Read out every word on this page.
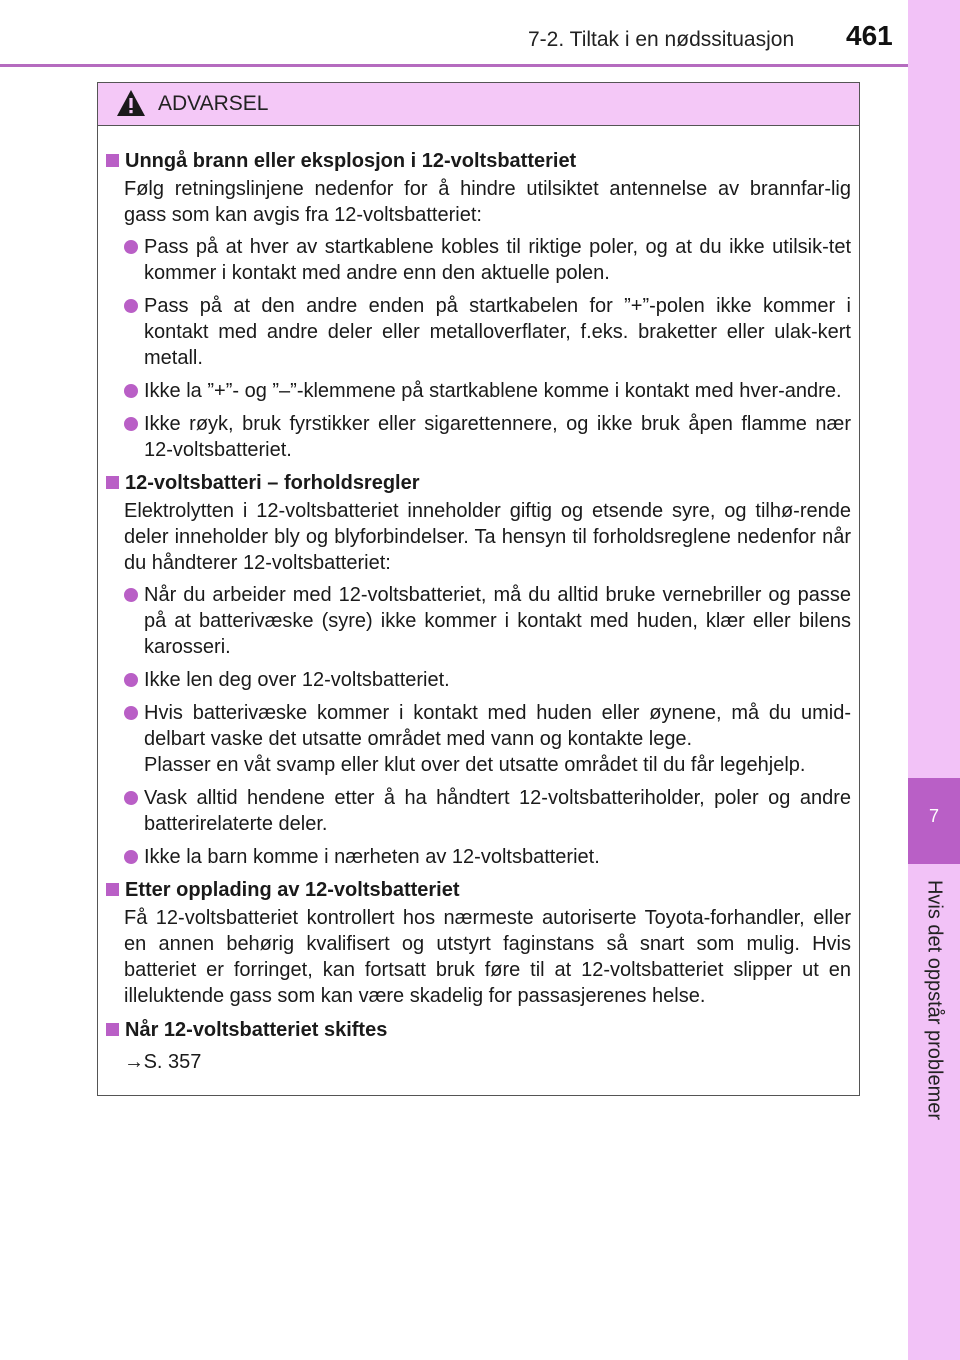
7-2. Tiltak i en nødssituasjon 461
7
Hvis det oppstår problemer
ADVARSEL
Unngå brann eller eksplosjon i 12-voltsbatteriet
Følg retningslinjene nedenfor for å hindre utilsiktet antennelse av brannfar-lig gass som kan avgis fra 12-voltsbatteriet:
Pass på at hver av startkablene kobles til riktige poler, og at du ikke utilsik-tet kommer i kontakt med andre enn den aktuelle polen.
Pass på at den andre enden på startkabelen for ”+”-polen ikke kommer i kontakt med andre deler eller metalloverflater, f.eks. braketter eller ulak-kert metall.
Ikke la ”+”- og ”–”-klemmene på startkablene komme i kontakt med hver-andre.
Ikke røyk, bruk fyrstikker eller sigarettennere, og ikke bruk åpen flamme nær 12-voltsbatteriet.
12-voltsbatteri – forholdsregler
Elektrolytten i 12-voltsbatteriet inneholder giftig og etsende syre, og tilhø-rende deler inneholder bly og blyforbindelser. Ta hensyn til forholdsreglene nedenfor når du håndterer 12-voltsbatteriet:
Når du arbeider med 12-voltsbatteriet, må du alltid bruke vernebriller og passe på at batterivæske (syre) ikke kommer i kontakt med huden, klær eller bilens karosseri.
Ikke len deg over 12-voltsbatteriet.
Hvis batterivæske kommer i kontakt med huden eller øynene, må du umid-delbart vaske det utsatte området med vann og kontakte lege.
Plasser en våt svamp eller klut over det utsatte området til du får legehjelp.
Vask alltid hendene etter å ha håndtert 12-voltsbatteriholder, poler og andre batterirelaterte deler.
Ikke la barn komme i nærheten av 12-voltsbatteriet.
Etter opplading av 12-voltsbatteriet
Få 12-voltsbatteriet kontrollert hos nærmeste autoriserte Toyota-forhandler, eller en annen behørig kvalifisert og utstyrt faginstans så snart som mulig. Hvis batteriet er forringet, kan fortsatt bruk føre til at 12-voltsbatteriet slipper ut en illeluktende gass som kan være skadelig for passasjerenes helse.
Når 12-voltsbatteriet skiftes
→ S. 357
